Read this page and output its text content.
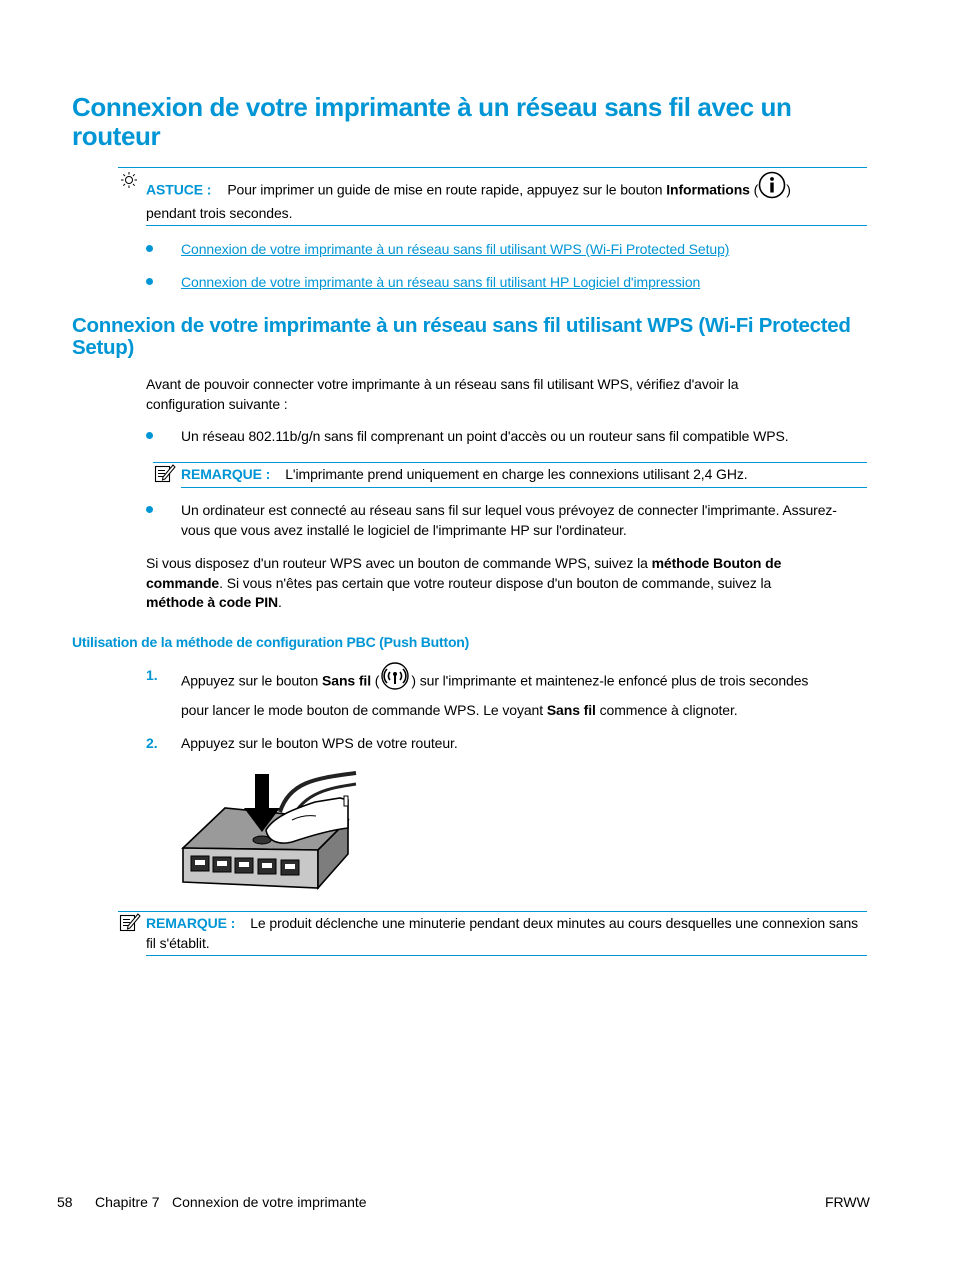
Connexion de votre imprimante à un réseau sans fil avec un routeur
ASTUCE : Pour imprimer un guide de mise en route rapide, appuyez sur le bouton Informations ( )
pendant trois secondes.
Connexion de votre imprimante à un réseau sans fil utilisant WPS (Wi-Fi Protected Setup)
Connexion de votre imprimante à un réseau sans fil utilisant HP Logiciel d'impression
Connexion de votre imprimante à un réseau sans fil utilisant WPS (Wi-Fi Protected Setup)
Avant de pouvoir connecter votre imprimante à un réseau sans fil utilisant WPS, vérifiez d'avoir la configuration suivante :
Un réseau 802.11b/g/n sans fil comprenant un point d'accès ou un routeur sans fil compatible WPS.
REMARQUE : L'imprimante prend uniquement en charge les connexions utilisant 2,4 GHz.
Un ordinateur est connecté au réseau sans fil sur lequel vous prévoyez de connecter l'imprimante. Assurez-vous que vous avez installé le logiciel de l'imprimante HP sur l'ordinateur.
Si vous disposez d'un routeur WPS avec un bouton de commande WPS, suivez la méthode Bouton de commande. Si vous n'êtes pas certain que votre routeur dispose d'un bouton de commande, suivez la méthode à code PIN.
Utilisation de la méthode de configuration PBC (Push Button)
1. Appuyez sur le bouton Sans fil ( ) sur l'imprimante et maintenez-le enfoncé plus de trois secondes
pour lancer le mode bouton de commande WPS. Le voyant Sans fil commence à clignoter.
2. Appuyez sur le bouton WPS de votre routeur.
REMARQUE : Le produit déclenche une minuterie pendant deux minutes au cours desquelles une connexion sans fil s'établit.
58 Chapitre 7 Connexion de votre imprimante	FRWW
